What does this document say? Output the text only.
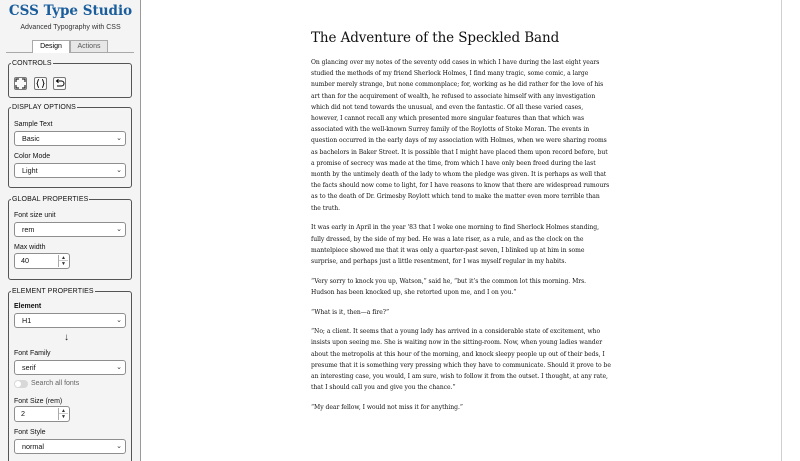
CSS Type Studio
Advanced Typography with CSS
Design	Actions
CONTROLS
DISPLAY OPTIONS
Sample Text
Basic	⌄
Color Mode
Light	⌄
GLOBAL PROPERTIES
Font size unit
rem	⌄
Max width
40	▲
▼
ELEMENT PROPERTIES
Element
H1	⌄
↓
Font Family
serif	⌄
Search all fonts
Font Size (rem)
2	▲
▼
Font Style
normal	⌄
The Adventure of the Speckled Band

On glancing over my notes of the seventy odd cases in which I have during the last eight years studied the methods of my friend Sherlock Holmes, I find many tragic, some comic, a large number merely strange, but none commonplace; for, working as he did rather for the love of his art than for the acquirement of wealth, he refused to associate himself with any investigation which did not tend towards the unusual, and even the fantastic. Of all these varied cases, however, I cannot recall any which presented more singular features than that which was associated with the well-known Surrey family of the Roylotts of Stoke Moran. The events in question occurred in the early days of my association with Holmes, when we were sharing rooms as bachelors in Baker Street. It is possible that I might have placed them upon record before, but a promise of secrecy was made at the time, from which I have only been freed during the last month by the untimely death of the lady to whom the pledge was given. It is perhaps as well that the facts should now come to light, for I have reasons to know that there are widespread rumours as to the death of Dr. Grimesby Roylott which tend to make the matter even more terrible than the truth.

It was early in April in the year '83 that I woke one morning to find Sherlock Holmes standing, fully dressed, by the side of my bed. He was a late riser, as a rule, and as the clock on the mantelpiece showed me that it was only a quarter-past seven, I blinked up at him in some surprise, and perhaps just a little resentment, for I was myself regular in my habits.

“Very sorry to knock you up, Watson,” said he, “but it’s the common lot this morning. Mrs. Hudson has been knocked up, she retorted upon me, and I on you.”

“What is it, then—a fire?”

“No; a client. It seems that a young lady has arrived in a considerable state of excitement, who insists upon seeing me. She is waiting now in the sitting-room. Now, when young ladies wander about the metropolis at this hour of the morning, and knock sleepy people up out of their beds, I presume that it is something very pressing which they have to communicate. Should it prove to be an interesting case, you would, I am sure, wish to follow it from the outset. I thought, at any rate, that I should call you and give you the chance.”

“My dear fellow, I would not miss it for anything.”
